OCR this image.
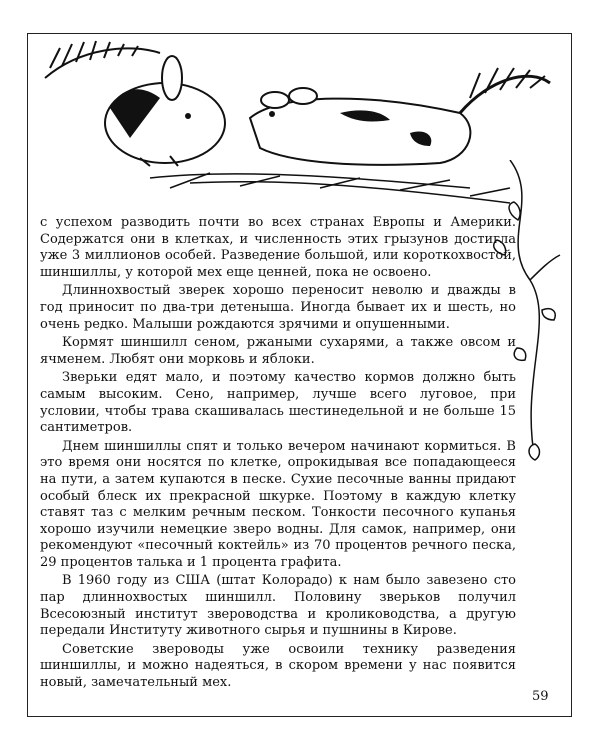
с успехом разводить почти во всех странах Европы и Америки. Содержатся они в клетках, и численность этих грызунов достигла уже 3 миллионов особей. Разведение большой, или короткохвостой, шиншиллы, у которой мех еще ценней, пока не освоено.

Длиннохвостый зверек хорошо переносит неволю и дважды в год приносит по два-три детеныша. Иногда бывает их и шесть, но очень редко. Малыши рождаются зрячими и опушенными.

Кормят шиншилл сеном, ржаными сухарями, а также овсом и ячменем. Любят они морковь и яблоки.

Зверьки едят мало, и поэтому качество кормов должно быть самым высоким. Сено, например, лучше всего луговое, при условии, чтобы трава скашивалась шестинедельной и не больше 15 сантиметров.

Днем шиншиллы спят и только вечером начинают кормиться. В это время они носятся по клетке, опрокидывая все попадающееся на пути, а затем купаются в песке. Сухие песочные ванны придают особый блеск их прекрасной шкурке. Поэтому в каждую клетку ставят таз с мелким речным песком. Тонкости песочного купанья хорошо изучили немецкие зверо водны. Для самок, например, они рекомендуют «песочный коктейль» из 70 процентов речного песка, 29 процентов талька и 1 процента графита.

В 1960 году из США (штат Колорадо) к нам было завезено сто пар длиннохвостых шиншилл. Половину зверьков получил Всесоюзный институт звероводства и кролиководства, а другую передали Институту животного сырья и пушнины в Кирове.

Советские звероводы уже освоили технику разведения шиншиллы, и можно надеяться, в скором времени у нас появится новый, замечательный мех.

59
